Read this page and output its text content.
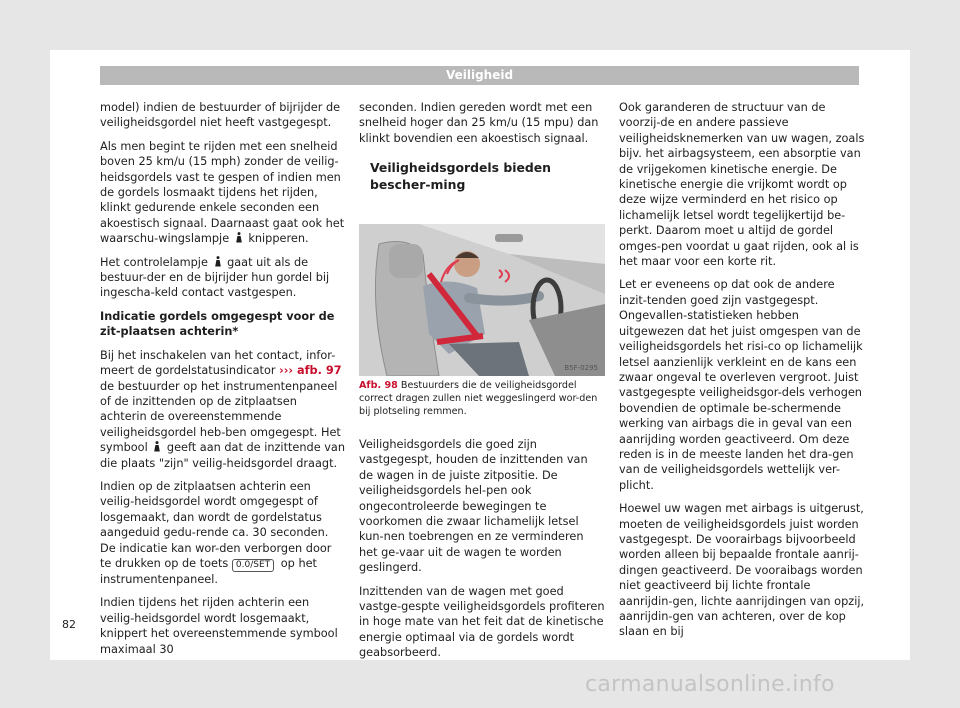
Veiligheid

model) indien de bestuurder of bijrijder de veiligheidsgordel niet heeft vastgegespt.

Als men begint te rijden met een snelheid boven 25 km/u (15 mph) zonder de veilig-heidsgordels vast te gespen of indien men de gordels losmaakt tijdens het rijden, klinkt gedurende enkele seconden een akoestisch signaal. Daarnaast gaat ook het waarschu-wingslampje knipperen.

Het controlelampje gaat uit als de bestuur-der en de bijrijder hun gordel bij ingescha-keld contact vastgespen.

Indicatie gordels omgegespt voor de zit-plaatsen achterin*

Bij het inschakelen van het contact, infor-meert de gordelstatusindicator ››› afb. 97 de bestuurder op het instrumentenpaneel of de inzittenden op de zitplaatsen achterin de overeenstemmende veiligheidsgordel heb-ben omgegespt. Het symbool geeft aan dat de inzittende van die plaats "zijn" veilig-heidsgordel draagt.

Indien op de zitplaatsen achterin een veilig-heidsgordel wordt omgegespt of losgemaakt, dan wordt de gordelstatus aangeduid gedu-rende ca. 30 seconden. De indicatie kan wor-den verborgen door te drukken op de toets 0.0/SET op het instrumentenpaneel.

Indien tijdens het rijden achterin een veilig-heidsgordel wordt losgemaakt, knippert het overeenstemmende symbool maximaal 30

seconden. Indien gereden wordt met een snelheid hoger dan 25 km/u (15 mpu) dan klinkt bovendien een akoestisch signaal.

Veiligheidsgordels bieden bescher-ming
B5F-0295
Afb. 98 Bestuurders die de veiligheidsgordel correct dragen zullen niet weggeslingerd wor-den bij plotseling remmen.

Veiligheidsgordels die goed zijn vastgegespt, houden de inzittenden van de wagen in de juiste zitpositie. De veiligheidsgordels hel-pen ook ongecontroleerde bewegingen te voorkomen die zwaar lichamelijk letsel kun-nen toebrengen en ze verminderen het ge-vaar uit de wagen te worden geslingerd.

Inzittenden van de wagen met goed vastge-gespte veiligheidsgordels profiteren in hoge mate van het feit dat de kinetische energie optimaal via de gordels wordt geabsorbeerd.

Ook garanderen de structuur van de voorzij-de en andere passieve veiligheidsknemerken van uw wagen, zoals bijv. het airbagsysteem, een absorptie van de vrijgekomen kinetische energie. De kinetische energie die vrijkomt wordt op deze wijze verminderd en het risico op lichamelijk letsel wordt tegelijkertijd be-perkt. Daarom moet u altijd de gordel omges-pen voordat u gaat rijden, ook al is het maar voor een korte rit.

Let er eveneens op dat ook de andere inzit-tenden goed zijn vastgegespt. Ongevallen-statistieken hebben uitgewezen dat het juist omgespen van de veiligheidsgordels het risi-co op lichamelijk letsel aanzienlijk verkleint en de kans een zwaar ongeval te overleven vergroot. Juist vastgegespte veiligheidsgor-dels verhogen bovendien de optimale be-schermende werking van airbags die in geval van een aanrijding worden geactiveerd. Om deze reden is in de meeste landen het dra-gen van de veiligheidsgordels wettelijk ver-plicht.

Hoewel uw wagen met airbags is uitgerust, moeten de veiligheidsgordels juist worden vastgegespt. De voorairbags bijvoorbeeld worden alleen bij bepaalde frontale aanrij-dingen geactiveerd. De vooraibags worden niet geactiveerd bij lichte frontale aanrijdin-gen, lichte aanrijdingen van opzij, aanrijdin-gen van achteren, over de kop slaan en bij

82
carmanualsonline.info
